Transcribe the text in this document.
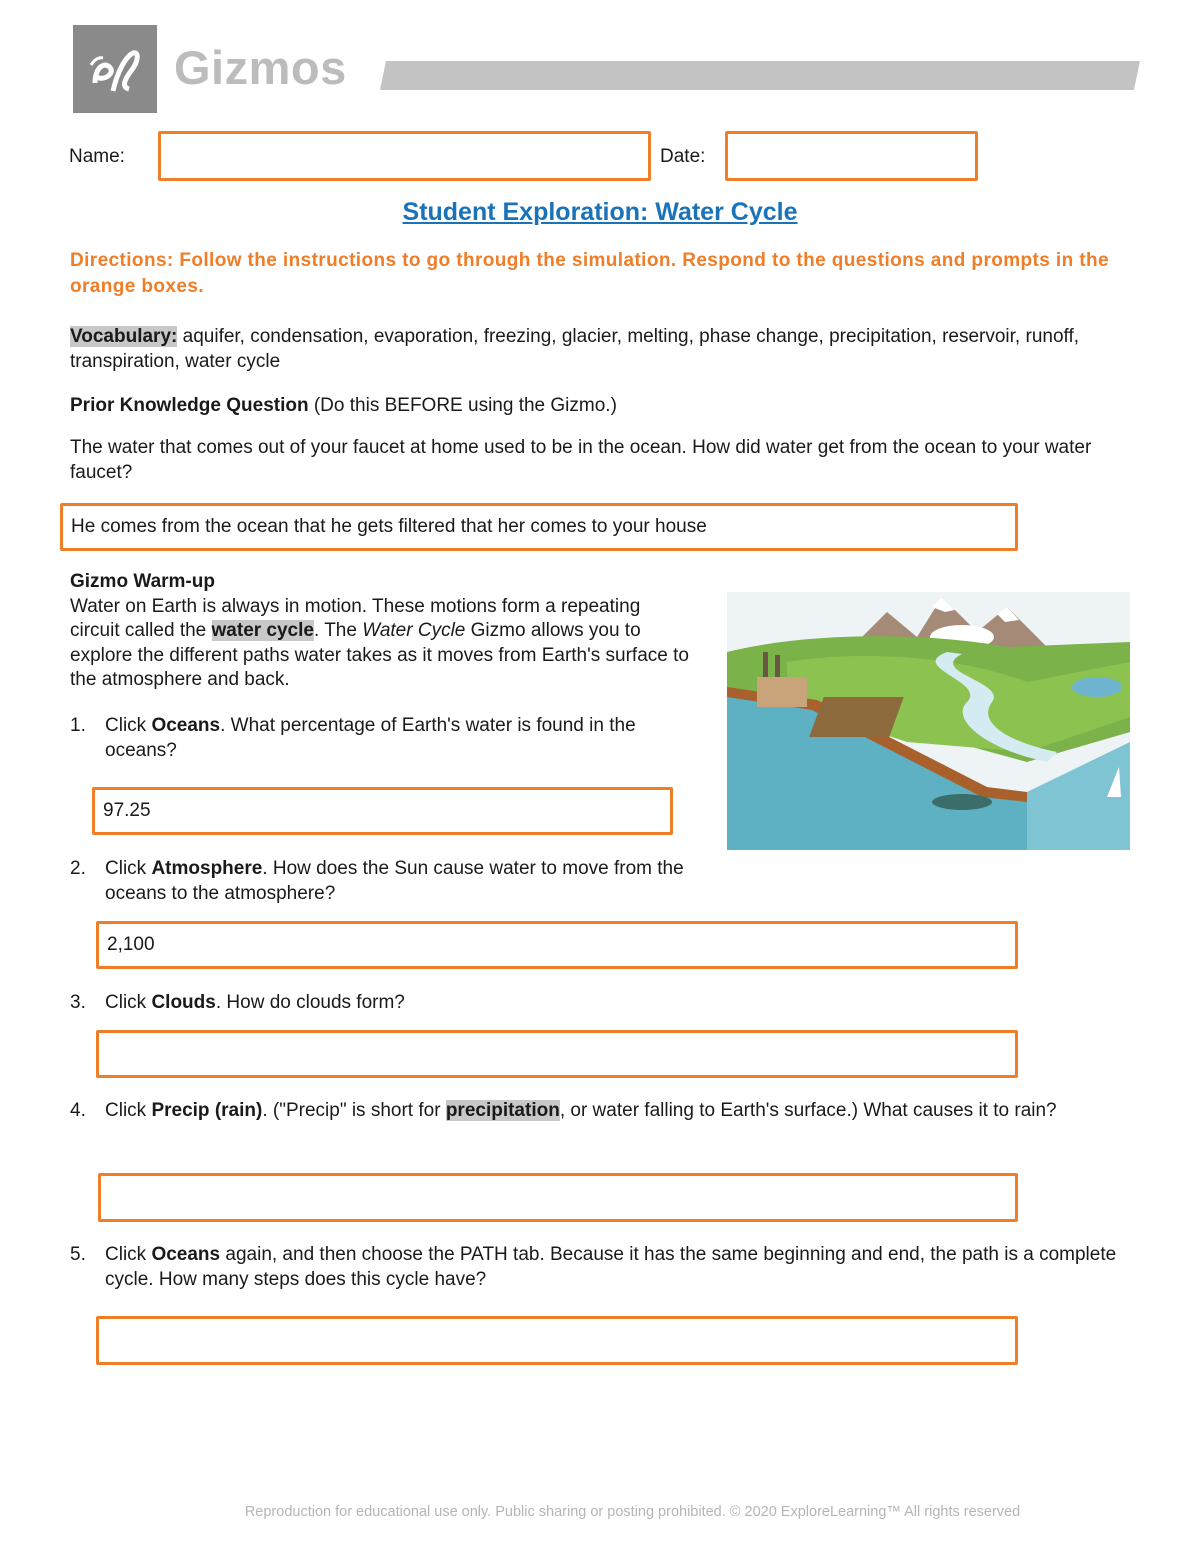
Gizmos
Name:	Date:
Student Exploration: Water Cycle
Directions: Follow the instructions to go through the simulation. Respond to the questions and prompts in the orange boxes.
Vocabulary: aquifer, condensation, evaporation, freezing, glacier, melting, phase change, precipitation, reservoir, runoff, transpiration, water cycle
Prior Knowledge Question (Do this BEFORE using the Gizmo.)
The water that comes out of your faucet at home used to be in the ocean. How did water get from the ocean to your water faucet?
He comes from the ocean that he gets filtered that her comes to your house
Gizmo Warm-up
Water on Earth is always in motion. These motions form a repeating circuit called the water cycle. The Water Cycle Gizmo allows you to explore the different paths water takes as it moves from Earth's surface to the atmosphere and back.
1. Click Oceans. What percentage of Earth's water is found in the oceans?
97.25
2. Click Atmosphere. How does the Sun cause water to move from the oceans to the atmosphere?
2,100
3. Click Clouds. How do clouds form?
4. Click Precip (rain). ("Precip" is short for precipitation, or water falling to Earth's surface.) What causes it to rain?
5. Click Oceans again, and then choose the PATH tab. Because it has the same beginning and end, the path is a complete cycle. How many steps does this cycle have?
Reproduction for educational use only. Public sharing or posting prohibited. © 2020 ExploreLearning™ All rights reserved
